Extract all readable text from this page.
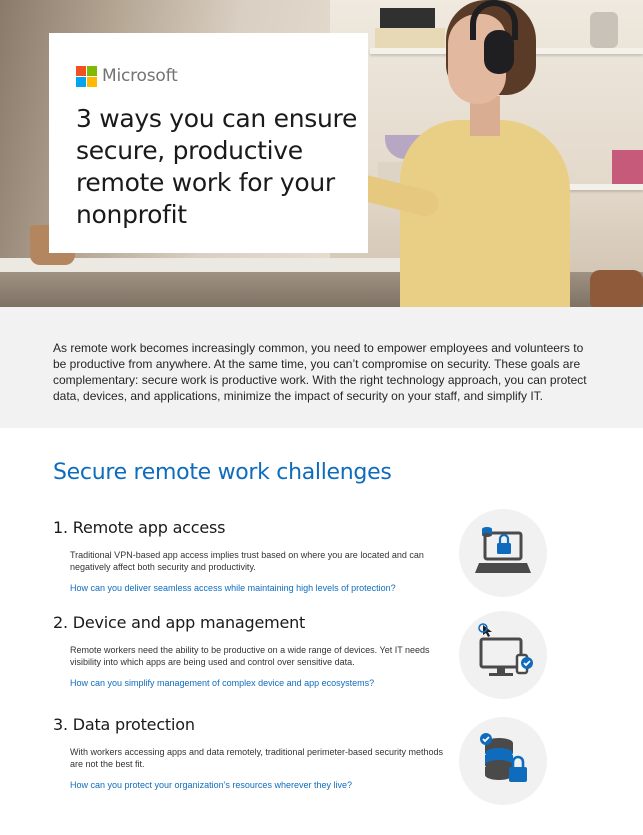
Microsoft
3 ways you can ensure secure, productive remote work for your nonprofit

As remote work becomes increasingly common, you need to empower employees and volunteers to be productive from anywhere. At the same time, you can’t compromise on security. These goals are complementary: secure work is productive work. With the right technology approach, you can protect data, devices, and applications, minimize the impact of security on your staff, and simplify IT.

Secure remote work challenges
1. Remote app access

Traditional VPN-based app access implies trust based on where you are located and can negatively affect both security and productivity.

How can you deliver seamless access while maintaining high levels of protection?
2. Device and app management

Remote workers need the ability to be productive on a wide range of devices. Yet IT needs visibility into which apps are being used and control over sensitive data.

How can you simplify management of complex device and app ecosystems?
3. Data protection

With workers accessing apps and data remotely, traditional perimeter-based security methods are not the best fit.

How can you protect your organization’s resources wherever they live?
